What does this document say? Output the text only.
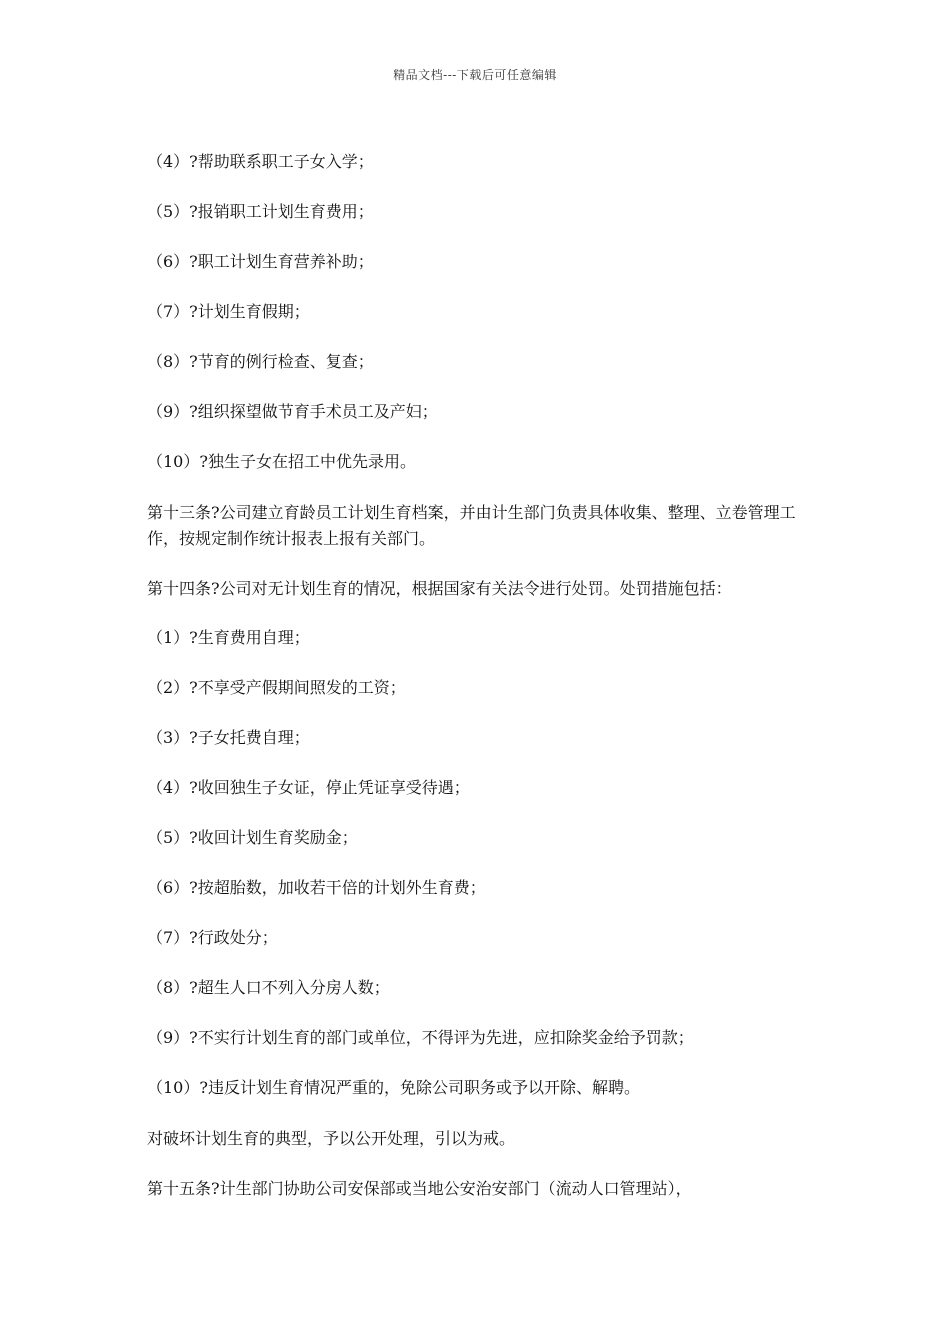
精品文档---下载后可任意编辑
（4）?帮助联系职工子女入学；
（5）?报销职工计划生育费用；
（6）?职工计划生育营养补助；
（7）?计划生育假期；
（8）?节育的例行检查、复查；
（9）?组织探望做节育手术员工及产妇；
（10）?独生子女在招工中优先录用。
第十三条?公司建立育龄员工计划生育档案，并由计生部门负责具体收集、整理、立卷管理工作，按规定制作统计报表上报有关部门。
第十四条?公司对无计划生育的情况，根据国家有关法令进行处罚。处罚措施包括：
（1）?生育费用自理；
（2）?不享受产假期间照发的工资；
（3）?子女托费自理；
（4）?收回独生子女证，停止凭证享受待遇；
（5）?收回计划生育奖励金；
（6）?按超胎数，加收若干倍的计划外生育费；
（7）?行政处分；
（8）?超生人口不列入分房人数；
（9）?不实行计划生育的部门或单位，不得评为先进，应扣除奖金给予罚款；
（10）?违反计划生育情况严重的，免除公司职务或予以开除、解聘。
对破坏计划生育的典型，予以公开处理，引以为戒。
第十五条?计生部门协助公司安保部或当地公安治安部门（流动人口管理站），
